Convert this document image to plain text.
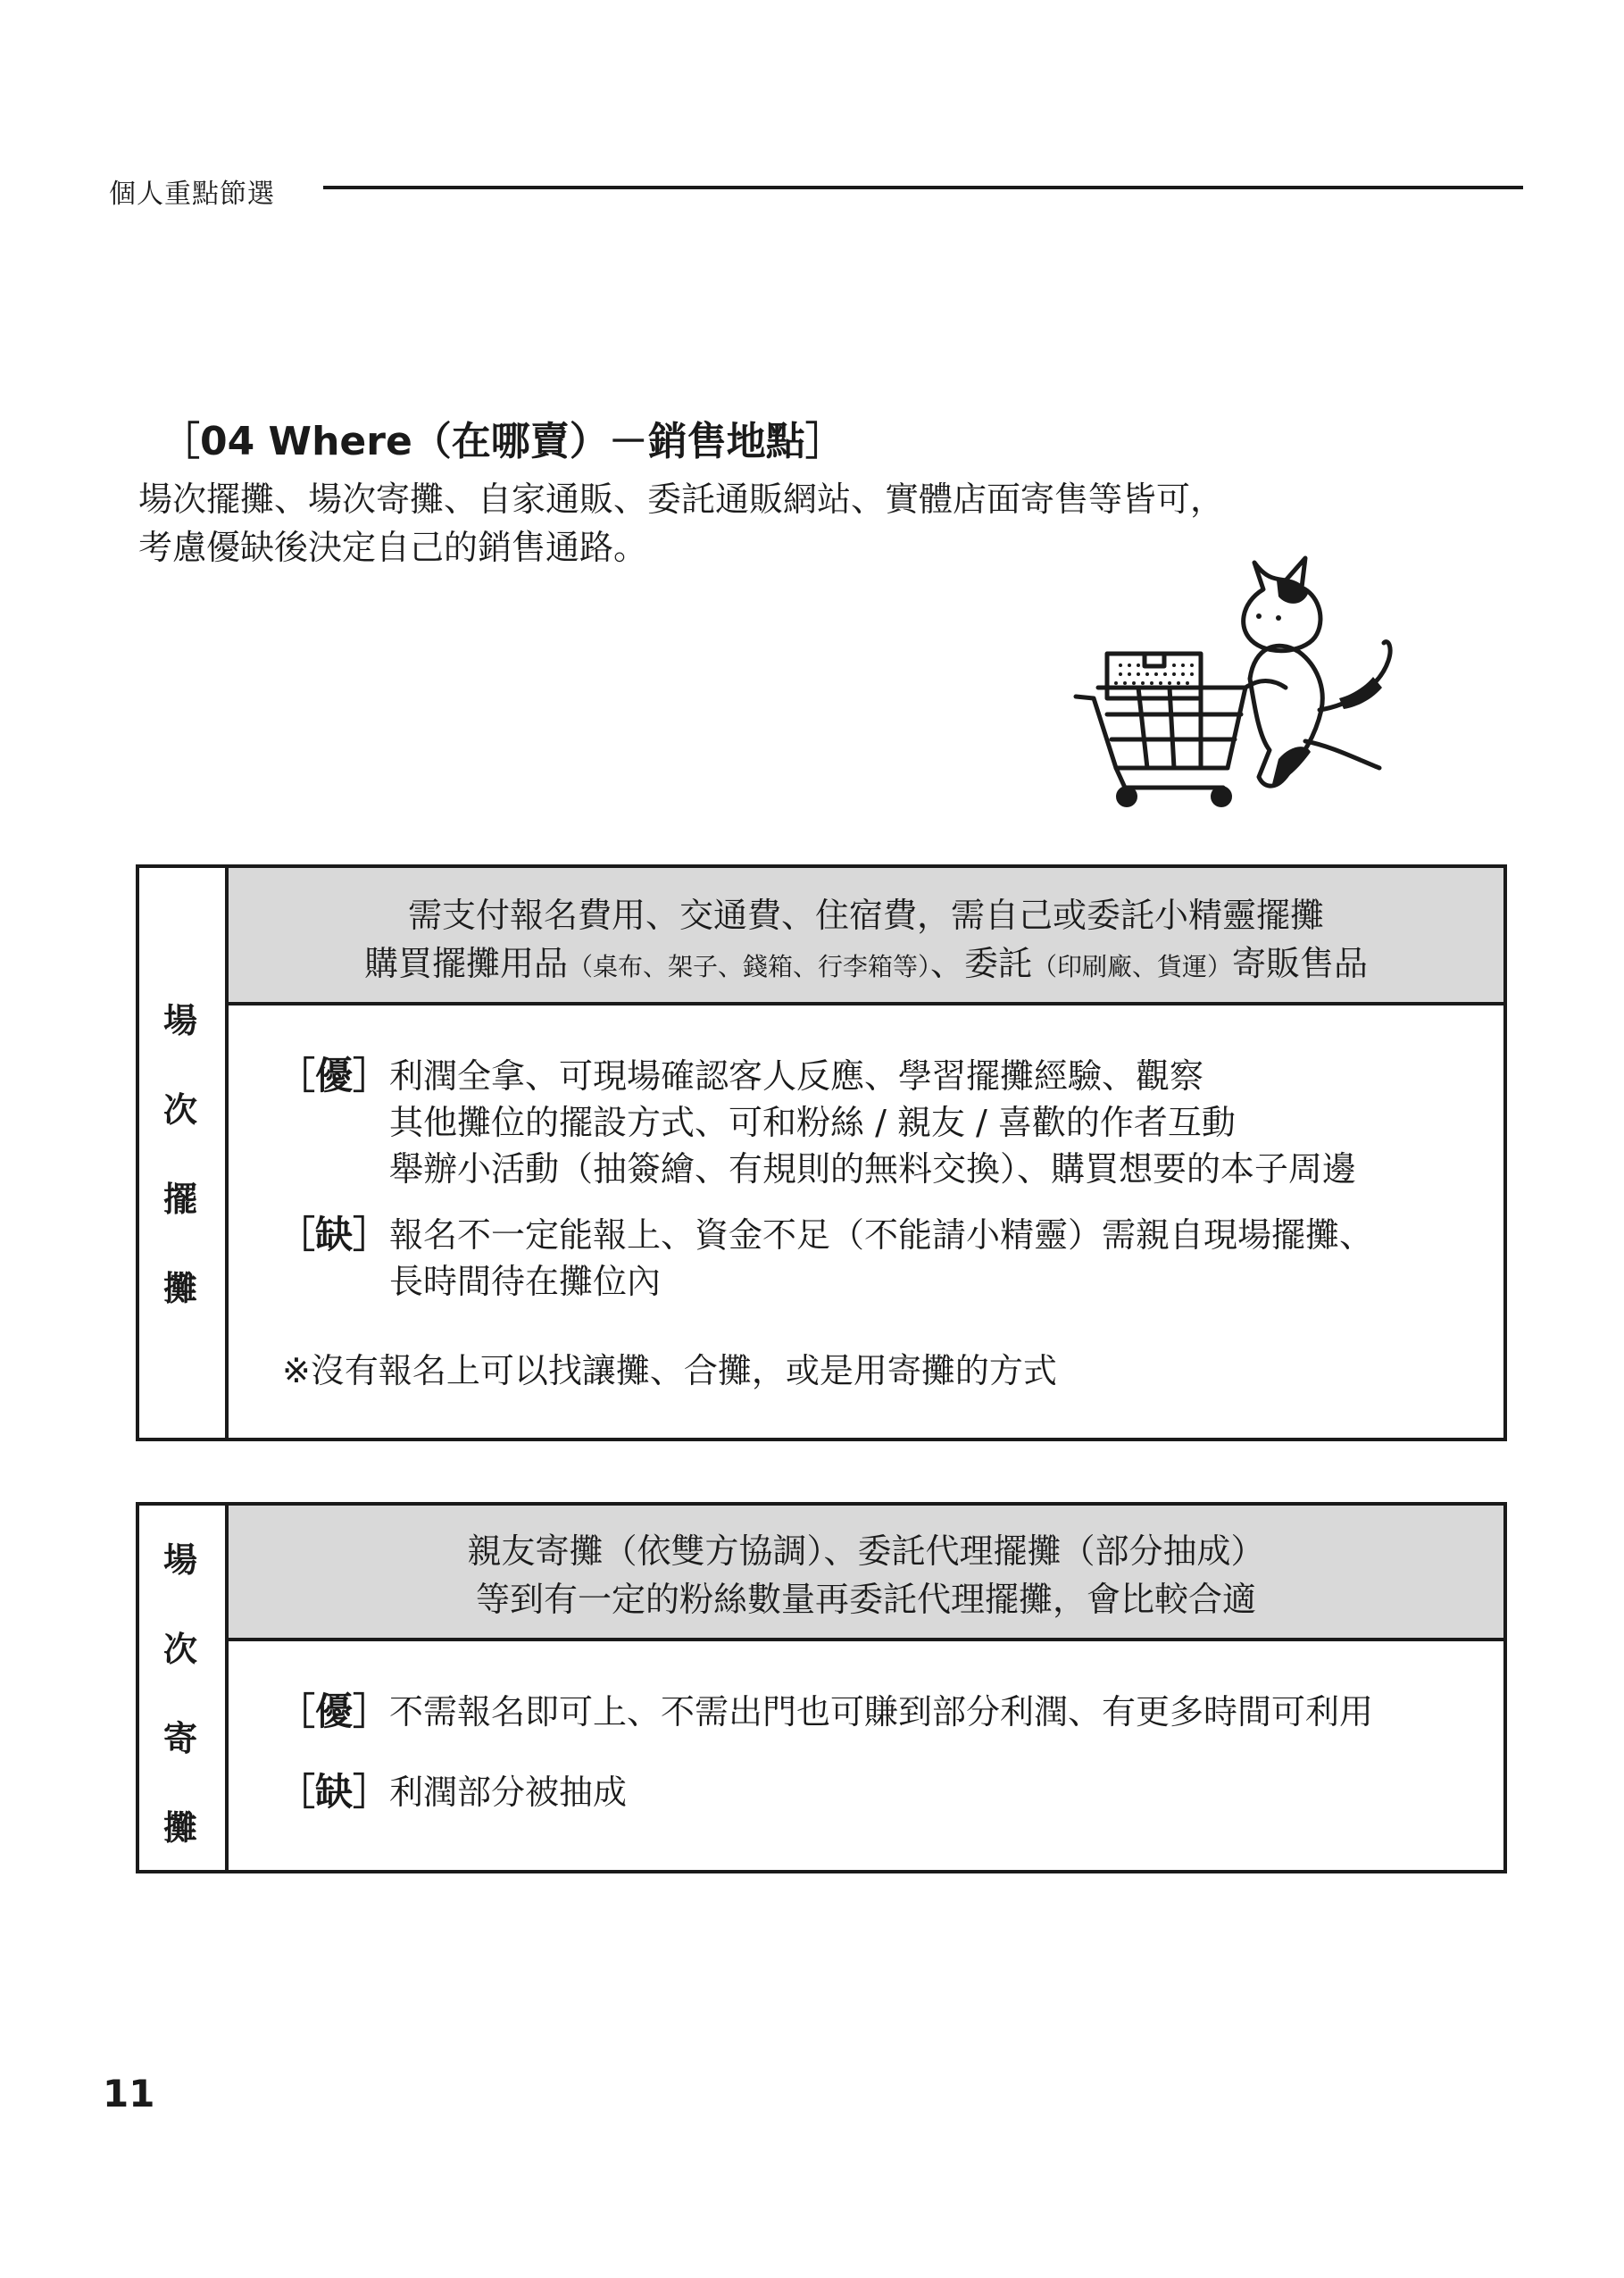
個人重點節選
［04 Where（在哪賣）－銷售地點］
場次擺攤、場次寄攤、自家通販、委託通販網站、實體店面寄售等皆可，
考慮優缺後決定自己的銷售通路。
場
次
擺
攤
需支付報名費用、交通費、住宿費，需自己或委託小精靈擺攤
購買擺攤用品（桌布、架子、錢箱、行李箱等）、委託（印刷廠、貨運）寄販售品
［優］
利潤全拿、可現場確認客人反應、學習擺攤經驗、觀察
其他攤位的擺設方式、可和粉絲 / 親友 / 喜歡的作者互動
舉辦小活動（抽簽繪、有規則的無料交換）、購買想要的本子周邊
［缺］
報名不一定能報上、資金不足（不能請小精靈）需親自現場擺攤、
長時間待在攤位內
※沒有報名上可以找讓攤、合攤，或是用寄攤的方式
場
次
寄
攤
親友寄攤（依雙方協調）、委託代理擺攤（部分抽成）
等到有一定的粉絲數量再委託代理擺攤，會比較合適
［優］
不需報名即可上、不需出門也可賺到部分利潤、有更多時間可利用
［缺］
利潤部分被抽成
11
